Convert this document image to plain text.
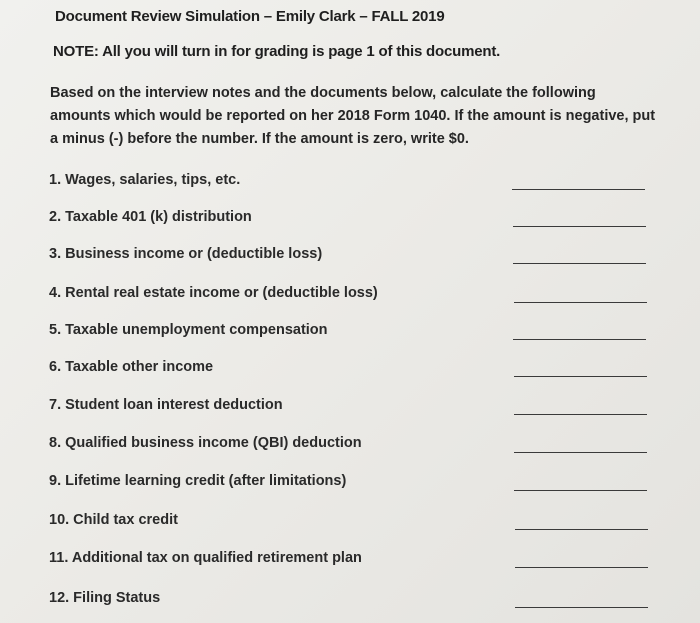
Document Review Simulation – Emily Clark – FALL 2019
NOTE: All you will turn in for grading is page 1 of this document.
Based on the interview notes and the documents below, calculate the following amounts which would be reported on her 2018 Form 1040. If the amount is negative, put a minus (-) before the number. If the amount is zero, write $0.
1. Wages, salaries, tips, etc.
2. Taxable 401 (k) distribution
3. Business income or (deductible loss)
4. Rental real estate income or (deductible loss)
5. Taxable unemployment compensation
6. Taxable other income
7. Student loan interest deduction
8. Qualified business income (QBI) deduction
9. Lifetime learning credit (after limitations)
10. Child tax credit
11. Additional tax on qualified retirement plan
12. Filing Status
